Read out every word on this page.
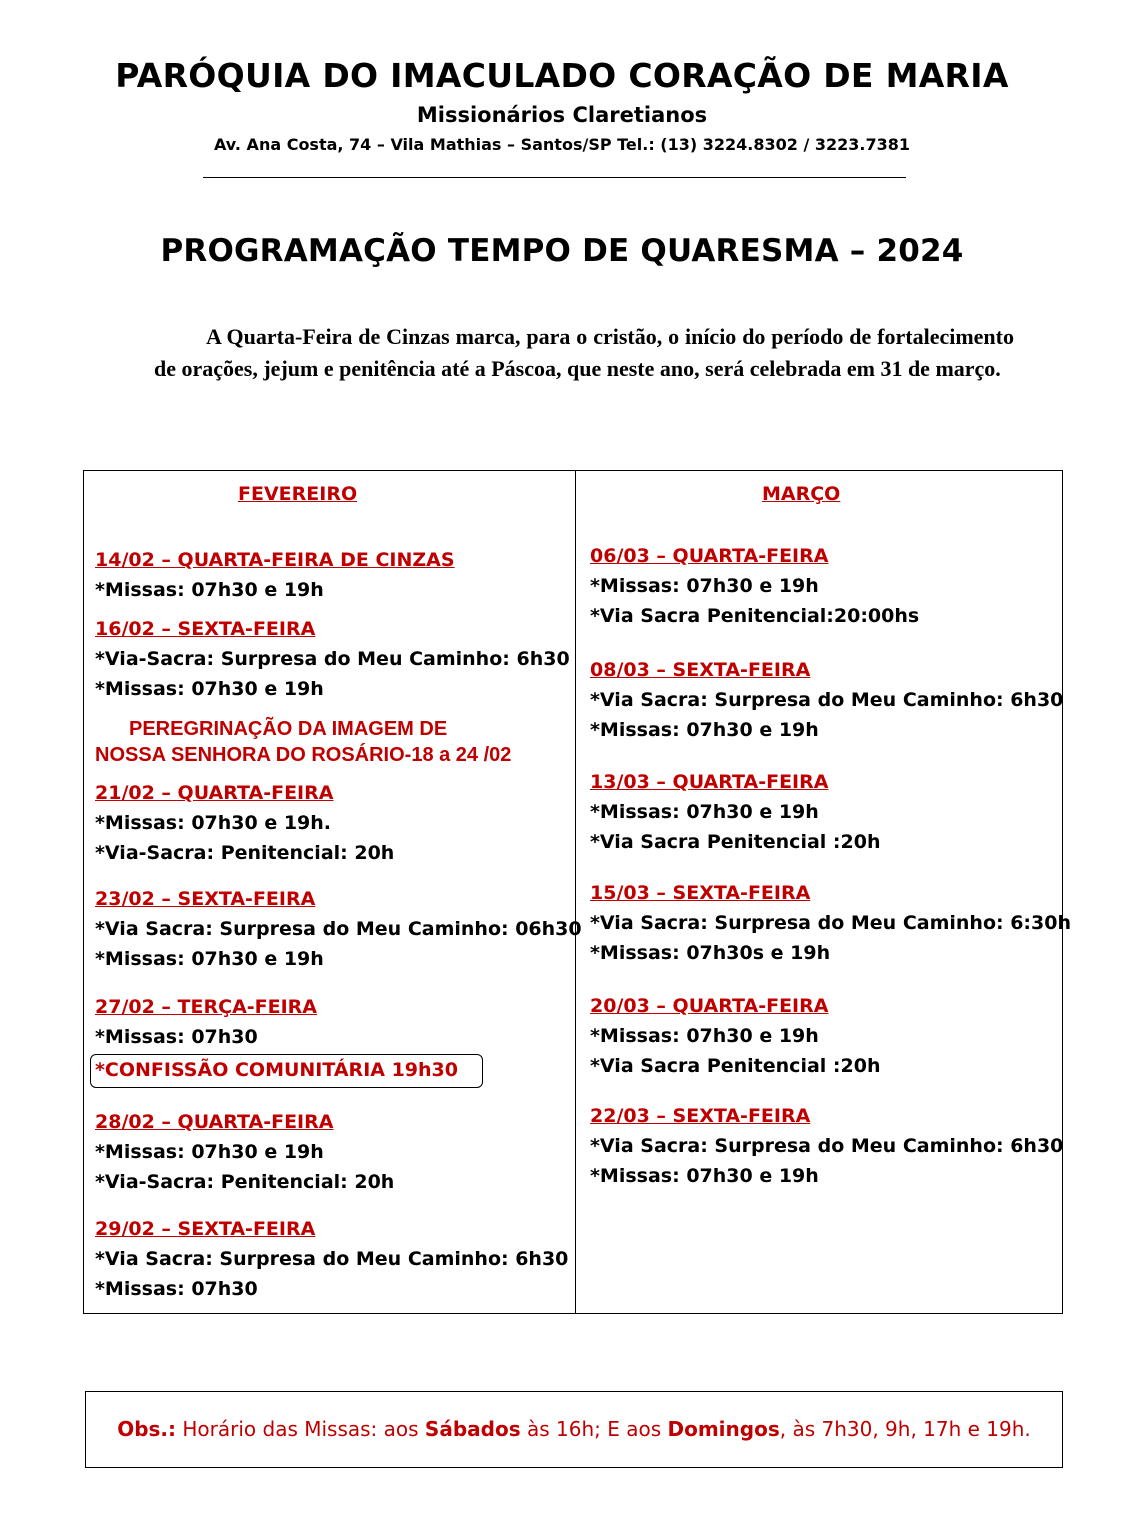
PARÓQUIA DO IMACULADO CORAÇÃO DE MARIA
Missionários Claretianos
Av. Ana Costa, 74 – Vila Mathias – Santos/SP Tel.: (13) 3224.8302 / 3223.7381
PROGRAMAÇÃO TEMPO DE QUARESMA – 2024

A Quarta-Feira de Cinzas marca, para o cristão, o início do período de fortalecimento de orações, jejum e penitência até a Páscoa, que neste ano, será celebrada em 31 de março.

FEVEREIRO
14/02 – QUARTA-FEIRA DE CINZAS
*Missas: 07h30 e 19h
16/02 – SEXTA-FEIRA
*Via-Sacra: Surpresa do Meu Caminho: 6h30
*Missas: 07h30 e 19h
PEREGRINAÇÃO DA IMAGEM DE
NOSSA SENHORA DO ROSÁRIO-18 a 24 /02
21/02 – QUARTA-FEIRA
*Missas: 07h30 e 19h.
*Via-Sacra: Penitencial: 20h
23/02 – SEXTA-FEIRA
*Via Sacra: Surpresa do Meu Caminho: 06h30
*Missas: 07h30 e 19h
27/02 – TERÇA-FEIRA
*Missas: 07h30
28/02 – QUARTA-FEIRA
*Missas: 07h30 e 19h
*Via-Sacra: Penitencial: 20h
29/02 – SEXTA-FEIRA
*Via Sacra: Surpresa do Meu Caminho: 6h30
*Missas: 07h30
*CONFISSÃO COMUNITÁRIA 19h30
MARÇO
06/03 – QUARTA-FEIRA
*Missas: 07h30 e 19h
*Via Sacra Penitencial:20:00hs
08/03 – SEXTA-FEIRA
*Via Sacra: Surpresa do Meu Caminho: 6h30
*Missas: 07h30 e 19h
13/03 – QUARTA-FEIRA
*Missas: 07h30 e 19h
*Via Sacra Penitencial :20h
15/03 – SEXTA-FEIRA
*Via Sacra: Surpresa do Meu Caminho: 6:30h
*Missas: 07h30s e 19h
20/03 – QUARTA-FEIRA
*Missas: 07h30 e 19h
*Via Sacra Penitencial :20h
22/03 – SEXTA-FEIRA
*Via Sacra: Surpresa do Meu Caminho: 6h30
*Missas: 07h30 e 19h
Obs.: Horário das Missas: aos Sábados às 16h; E aos Domingos, às 7h30, 9h, 17h e 19h.
